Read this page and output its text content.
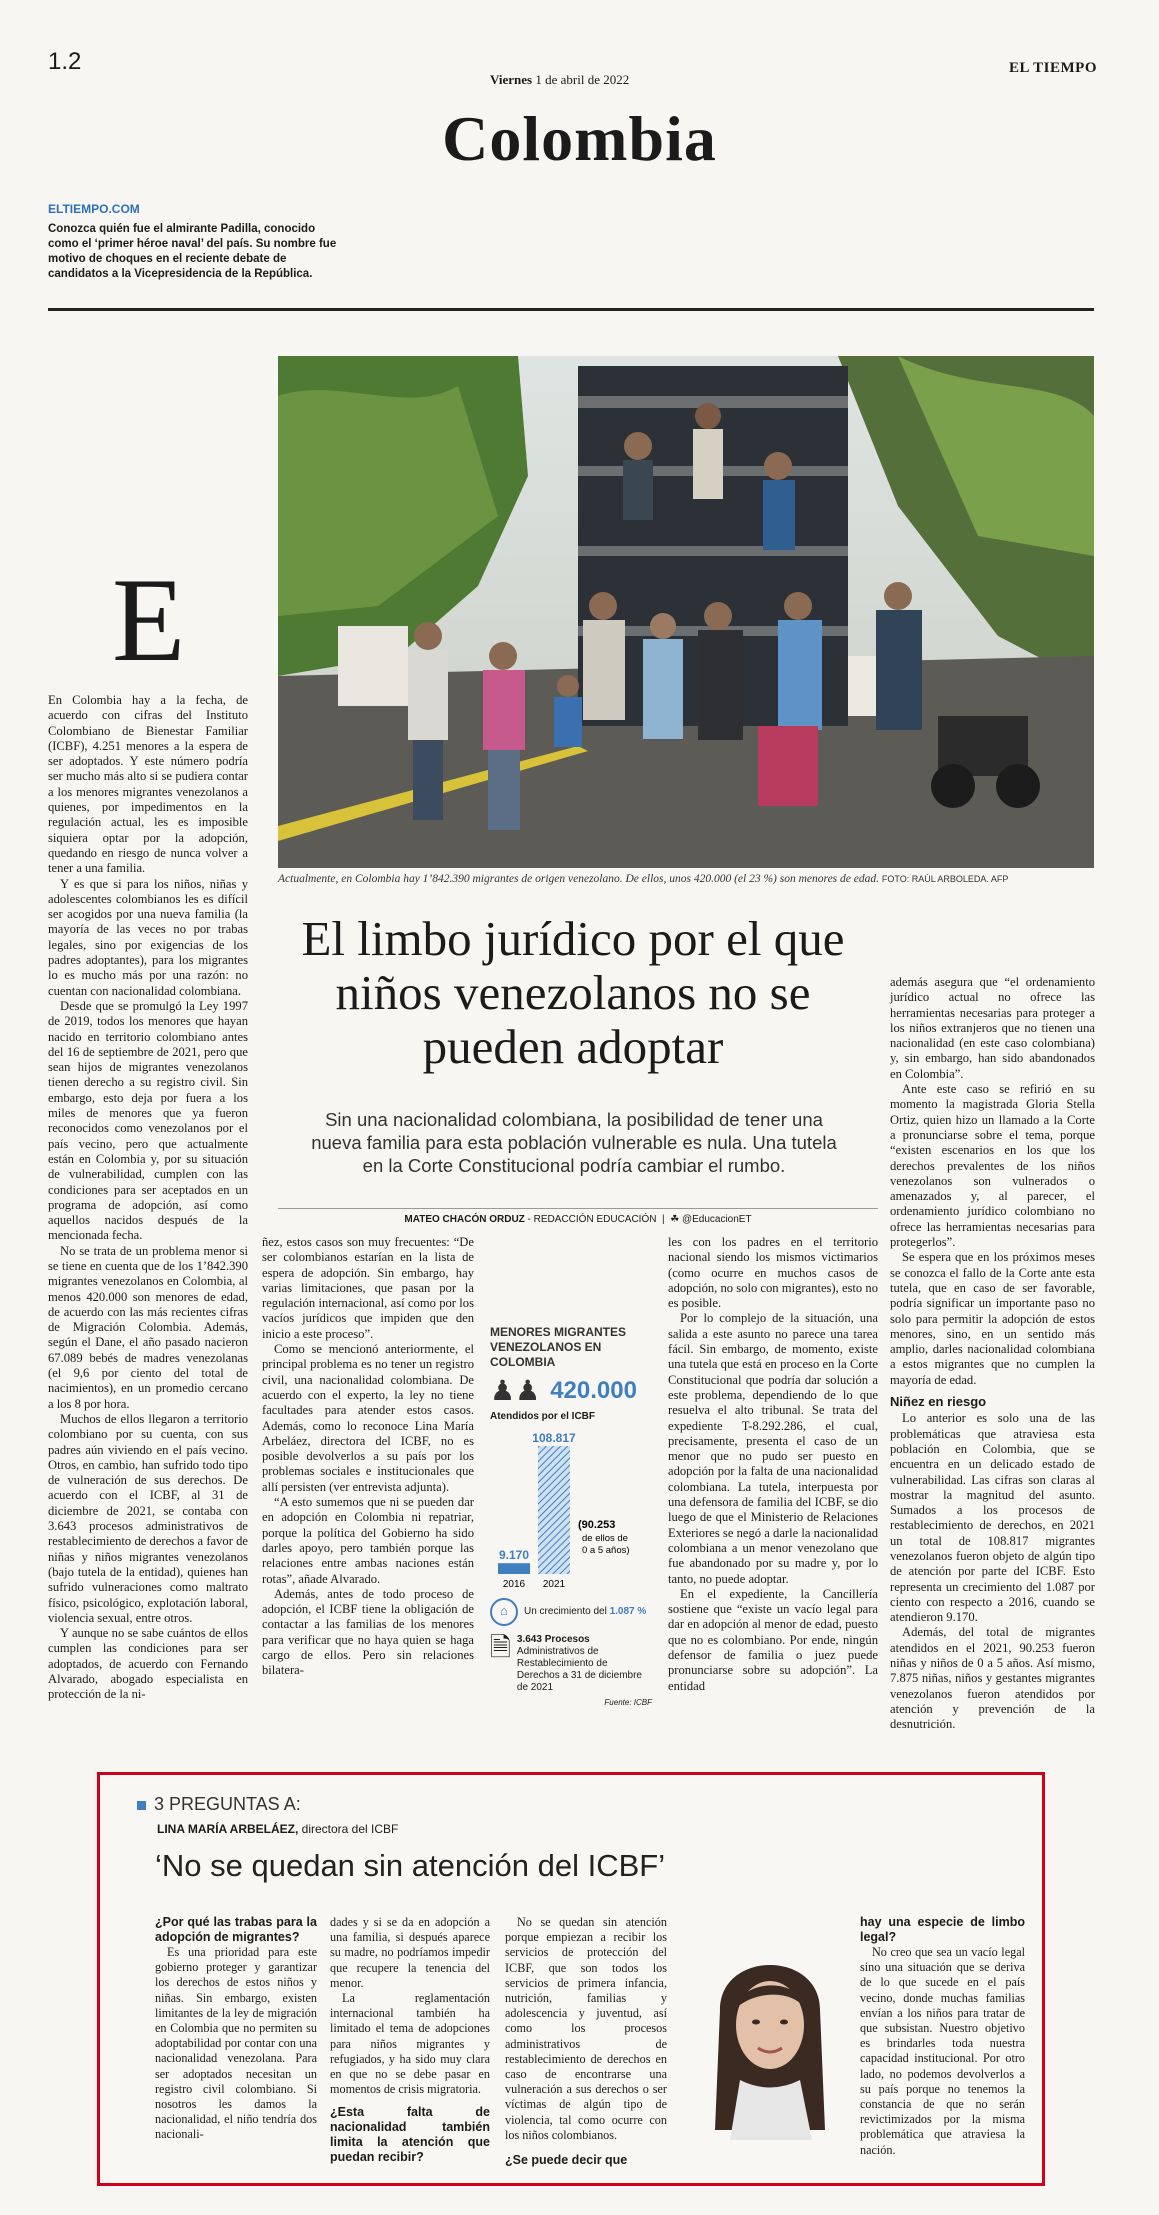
1.2
Viernes 1 de abril de 2022
EL TIEMPO
Colombia
ELTIEMPO.COM
Conozca quién fue el almirante Padilla, conocido como el ‘primer héroe naval’ del país. Su nombre fue motivo de choques en el reciente debate de candidatos a la Vicepresidencia de la República.
Actualmente, en Colombia hay 1’842.390 migrantes de origen venezolano. De ellos, unos 420.000 (el 23 %) son menores de edad. FOTO: RAÚL ARBOLEDA. AFP
E

En Colombia hay a la fecha, de acuerdo con cifras del Instituto Colombiano de Bienestar Familiar (ICBF), 4.251 menores a la espera de ser adoptados. Y este número podría ser mucho más alto si se pudiera contar a los menores migrantes venezolanos a quienes, por impedimentos en la regulación actual, les es imposible siquiera optar por la adopción, quedando en riesgo de nunca volver a tener a una familia.

Y es que si para los niños, niñas y adolescentes colombianos les es difícil ser acogidos por una nueva familia (la mayoría de las veces no por trabas legales, sino por exigencias de los padres adoptantes), para los migrantes lo es mucho más por una razón: no cuentan con nacionalidad colombiana.

Desde que se promulgó la Ley 1997 de 2019, todos los menores que hayan nacido en territorio colombiano antes del 16 de septiembre de 2021, pero que sean hijos de migrantes venezolanos tienen derecho a su registro civil. Sin embargo, esto deja por fuera a los miles de menores que ya fueron reconocidos como venezolanos por el país vecino, pero que actualmente están en Colombia y, por su situación de vulnerabilidad, cumplen con las condiciones para ser aceptados en un programa de adopción, así como aquellos nacidos después de la mencionada fecha.

No se trata de un problema menor si se tiene en cuenta que de los 1’842.390 migrantes venezolanos en Colombia, al menos 420.000 son menores de edad, de acuerdo con las más recientes cifras de Migración Colombia. Además, según el Dane, el año pasado nacieron 67.089 bebés de madres venezolanas (el 9,6 por ciento del total de nacimientos), en un promedio cercano a los 8 por hora.

Muchos de ellos llegaron a territorio colombiano por su cuenta, con sus padres aún viviendo en el país vecino. Otros, en cambio, han sufrido todo tipo de vulneración de sus derechos. De acuerdo con el ICBF, al 31 de diciembre de 2021, se contaba con 3.643 procesos administrativos de restablecimiento de derechos a favor de niñas y niños migrantes venezolanos (bajo tutela de la entidad), quienes han sufrido vulneraciones como maltrato físico, psicológico, explotación laboral, violencia sexual, entre otros.

Y aunque no se sabe cuántos de ellos cumplen las condiciones para ser adoptados, de acuerdo con Fernando Alvarado, abogado especialista en protección de la ni-

El limbo jurídico por el que niños venezolanos no se pueden adoptar
Sin una nacionalidad colombiana, la posibilidad de tener una nueva familia para esta población vulnerable es nula. Una tutela en la Corte Constitucional podría cambiar el rumbo.
MATEO CHACÓN ORDUZ - REDACCIÓN EDUCACIÓN  |  ☘ @EducacionET

ñez, estos casos son muy frecuentes: “De ser colombianos estarían en la lista de espera de adopción. Sin embargo, hay varias limitaciones, que pasan por la regulación internacional, así como por los vacíos jurídicos que impiden que den inicio a este proceso”.

Como se mencionó anteriormente, el principal problema es no tener un registro civil, una nacionalidad colombiana. De acuerdo con el experto, la ley no tiene facultades para atender estos casos. Además, como lo reconoce Lina María Arbeláez, directora del ICBF, no es posible devolverlos a su país por los problemas sociales e institucionales que allí persisten (ver entrevista adjunta).

“A esto sumemos que ni se pueden dar en adopción en Colombia ni repatriar, porque la política del Gobierno ha sido darles apoyo, pero también porque las relaciones entre ambas naciones están rotas”, añade Alvarado.

Además, antes de todo proceso de adopción, el ICBF tiene la obligación de contactar a las familias de los menores para verificar que no haya quien se haga cargo de ellos. Pero sin relaciones bilatera-

MENORES MIGRANTES VENEZOLANOS EN COLOMBIA
♟♟ 420.000
Atendidos por el ICBF
9.170
2016
108.817
2021
(90.253
de ellos de
0 a 5 años)
⌂	Un crecimiento del 1.087 %
🗎 3.643 Procesos
Administrativos de Restablecimiento de Derechos a 31 de diciembre de 2021
Fuente: ICBF

les con los padres en el territorio nacional siendo los mismos victimarios (como ocurre en muchos casos de adopción, no solo con migrantes), esto no es posible.

Por lo complejo de la situación, una salida a este asunto no parece una tarea fácil. Sin embargo, de momento, existe una tutela que está en proceso en la Corte Constitucional que podría dar solución a este problema, dependiendo de lo que resuelva el alto tribunal. Se trata del expediente T-8.292.286, el cual, precisamente, presenta el caso de un menor que no pudo ser puesto en adopción por la falta de una nacionalidad colombiana. La tutela, interpuesta por una defensora de familia del ICBF, se dio luego de que el Ministerio de Relaciones Exteriores se negó a darle la nacionalidad colombiana a un menor venezolano que fue abandonado por su madre y, por lo tanto, no puede adoptar.

En el expediente, la Cancillería sostiene que “existe un vacío legal para dar en adopción al menor de edad, puesto que no es colombiano. Por ende, ningún defensor de familia o juez puede pronunciarse sobre su adopción”. La entidad

además asegura que “el ordenamiento jurídico actual no ofrece las herramientas necesarias para proteger a los niños extranjeros que no tienen una nacionalidad (en este caso colombiana) y, sin embargo, han sido abandonados en Colombia”.

Ante este caso se refirió en su momento la magistrada Gloria Stella Ortiz, quien hizo un llamado a la Corte a pronunciarse sobre el tema, porque “existen escenarios en los que los derechos prevalentes de los niños venezolanos son vulnerados o amenazados y, al parecer, el ordenamiento jurídico colombiano no ofrece las herramientas necesarias para protegerlos”.

Se espera que en los próximos meses se conozca el fallo de la Corte ante esta tutela, que en caso de ser favorable, podría significar un importante paso no solo para permitir la adopción de estos menores, sino, en un sentido más amplio, darles nacionalidad colombiana a estos migrantes que no cumplen la mayoría de edad.

Niñez en riesgo

Lo anterior es solo una de las problemáticas que atraviesa esta población en Colombia, que se encuentra en un delicado estado de vulnerabilidad. Las cifras son claras al mostrar la magnitud del asunto. Sumados a los procesos de restablecimiento de derechos, en 2021 un total de 108.817 migrantes venezolanos fueron objeto de algún tipo de atención por parte del ICBF. Esto representa un crecimiento del 1.087 por ciento con respecto a 2016, cuando se atendieron 9.170.

Además, del total de migrantes atendidos en el 2021, 90.253 fueron niñas y niños de 0 a 5 años. Así mismo, 7.875 niñas, niños y gestantes migrantes venezolanos fueron atendidos por atención y prevención de la desnutrición.

3 PREGUNTAS A:
LINA MARÍA ARBELÁEZ, directora del ICBF
‘No se quedan sin atención del ICBF’

¿Por qué las trabas para la adopción de migrantes?

Es una prioridad para este gobierno proteger y garantizar los derechos de estos niños y niñas. Sin embargo, existen limitantes de la ley de migración en Colombia que no permiten su adoptabilidad por contar con una nacionalidad venezolana. Para ser adoptados necesitan un registro civil colombiano. Si nosotros les damos la nacionalidad, el niño tendría dos nacionali-

dades y si se da en adopción a una familia, si después aparece su madre, no podríamos impedir que recupere la tenencia del menor.

La reglamentación internacional también ha limitado el tema de adopciones para niños migrantes y refugiados, y ha sido muy clara en que no se debe pasar en momentos de crisis migratoria.

¿Esta falta de nacionalidad también limita la atención que puedan recibir?

No se quedan sin atención porque empiezan a recibir los servicios de protección del ICBF, que son todos los servicios de primera infancia, nutrición, familias y adolescencia y juventud, así como los procesos administrativos de restablecimiento de derechos en caso de encontrarse una vulneración a sus derechos o ser víctimas de algún tipo de violencia, tal como ocurre con los niños colombianos.

¿Se puede decir que

hay una especie de limbo legal?

No creo que sea un vacío legal sino una situación que se deriva de lo que sucede en el país vecino, donde muchas familias envían a los niños para tratar de que subsistan. Nuestro objetivo es brindarles toda nuestra capacidad institucional. Por otro lado, no podemos devolverlos a su país porque no tenemos la constancia de que no serán revictimizados por la misma problemática que atraviesa la nación.
